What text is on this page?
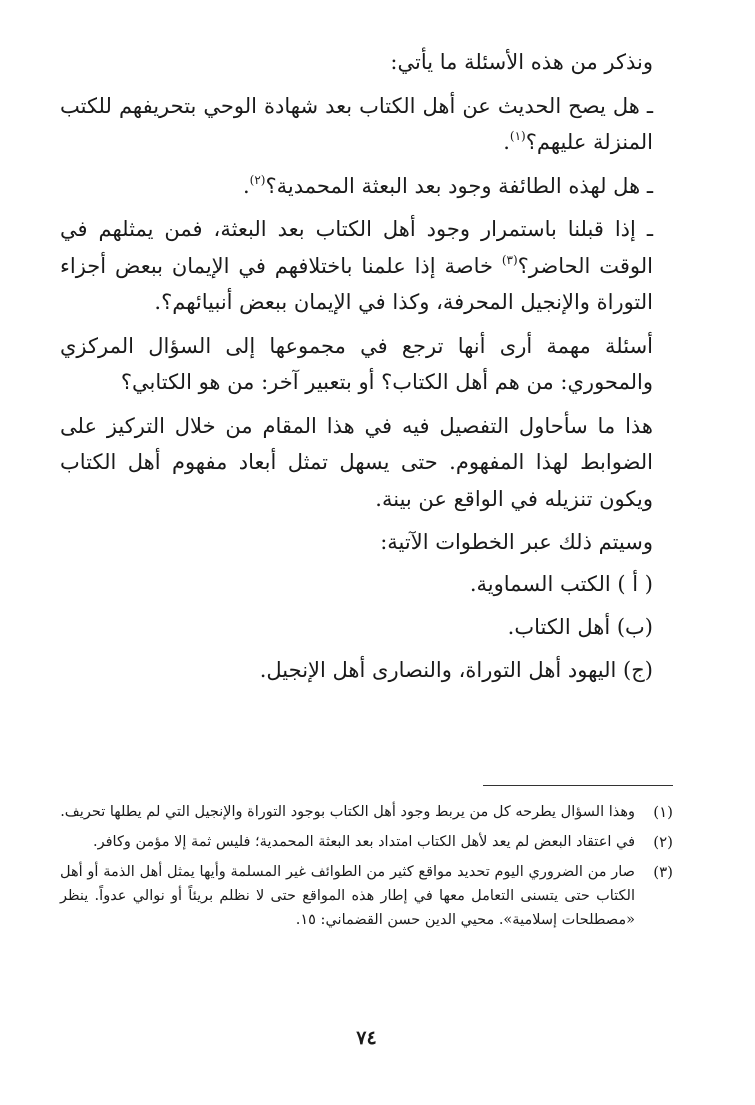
ونذكر من هذه الأسئلة ما يأتي:

ـ هل يصح الحديث عن أهل الكتاب بعد شهادة الوحي بتحريفهم للكتب المنزلة عليهم؟$^{(١)}$.

ـ هل لهذه الطائفة وجود بعد البعثة المحمدية؟$^{(٢)}$.

ـ إذا قبلنا باستمرار وجود أهل الكتاب بعد البعثة، فمن يمثلهم في الوقت الحاضر؟$^{(٣)}$ خاصة إذا علمنا باختلافهم في الإيمان ببعض أجزاء التوراة والإنجيل المحرفة، وكذا في الإيمان ببعض أنبيائهم؟.

أسئلة مهمة أرى أنها ترجع في مجموعها إلى السؤال المركزي والمحوري: من هم أهل الكتاب؟ أو بتعبير آخر: من هو الكتابي؟

هذا ما سأحاول التفصيل فيه في هذا المقام من خلال التركيز على الضوابط لهذا المفهوم. حتى يسهل تمثل أبعاد مفهوم أهل الكتاب ويكون تنزيله في الواقع عن بينة.

وسيتم ذلك عبر الخطوات الآتية:

( أ ) الكتب السماوية.

(ب) أهل الكتاب.

(ج) اليهود أهل التوراة، والنصارى أهل الإنجيل.

(١)
وهذا السؤال يطرحه كل من يربط وجود أهل الكتاب بوجود التوراة والإنجيل التي لم يطلها تحريف.
(٢)
في اعتقاد البعض لم يعد لأهل الكتاب امتداد بعد البعثة المحمدية؛ فليس ثمة إلا مؤمن وكافر.
(٣)
صار من الضروري اليوم تحديد مواقع كثير من الطوائف غير المسلمة وأيها يمثل أهل الذمة أو أهل الكتاب حتى يتسنى التعامل معها في إطار هذه المواقع حتى لا نظلم بريئاً أو نوالي عدواً. ينظر «مصطلحات إسلامية». محيي الدين حسن القضماني: ١٥.
٧٤
